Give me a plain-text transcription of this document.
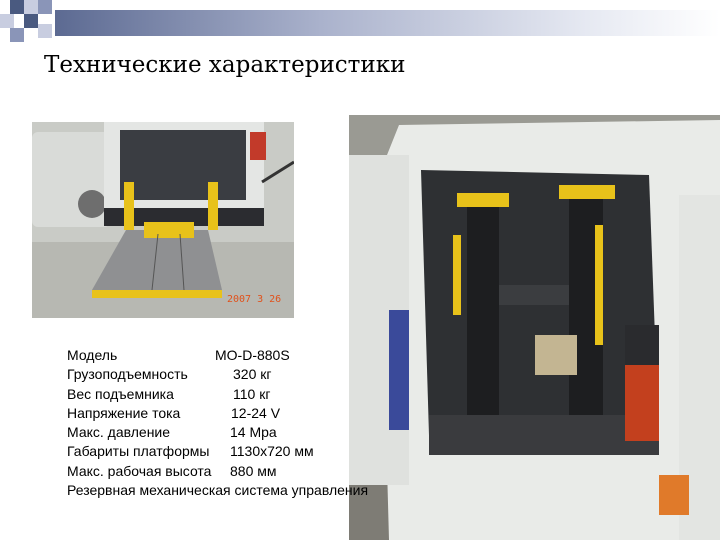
Технические характеристики
2007 3 26
Модель	MO-D-880S
Грузоподъемность	320 кг
Вес подъемника	110 кг
Напряжение тока	12-24 V
Макс. давление	14 Mpa
Габариты платформы 1130x720 мм
Макс. рабочая высота 880 мм
Резервная механическая система управления
